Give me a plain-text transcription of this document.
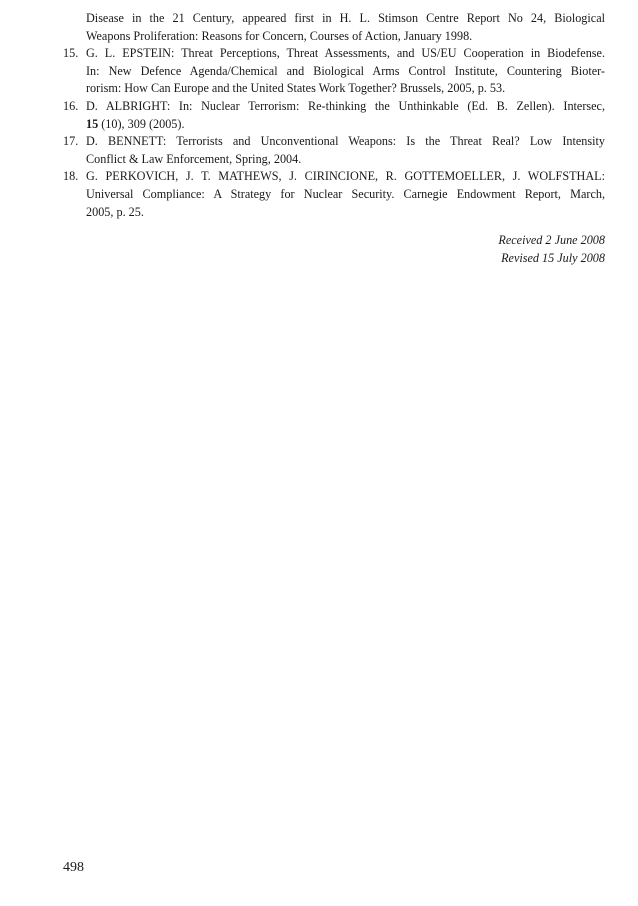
Disease in the 21 Century, appeared first in H. L. Stimson Centre Report No 24, Biological
Weapons Proliferation: Reasons for Concern, Courses of Action, January 1998.
15. G. L. EPSTEIN: Threat Perceptions, Threat Assessments, and US/EU Cooperation in Biodefense.
In: New Defence Agenda/Chemical and Biological Arms Control Institute, Countering Bioter-
rorism: How Can Europe and the United States Work Together? Brussels, 2005, p. 53.
16. D. ALBRIGHT: In: Nuclear Terrorism: Re-thinking the Unthinkable (Ed. B. Zellen). Intersec,
15 (10), 309 (2005).
17. D. BENNETT: Terrorists and Unconventional Weapons: Is the Threat Real? Low Intensity
Conflict & Law Enforcement, Spring, 2004.
18. G. PERKOVICH, J. T. MATHEWS, J. CIRINCIONE, R. GOTTEMOELLER, J. WOLFSTHAL:
Universal Compliance: A Strategy for Nuclear Security. Carnegie Endowment Report, March,
2005, p. 25.
Received 2 June 2008
Revised 15 July 2008
498
